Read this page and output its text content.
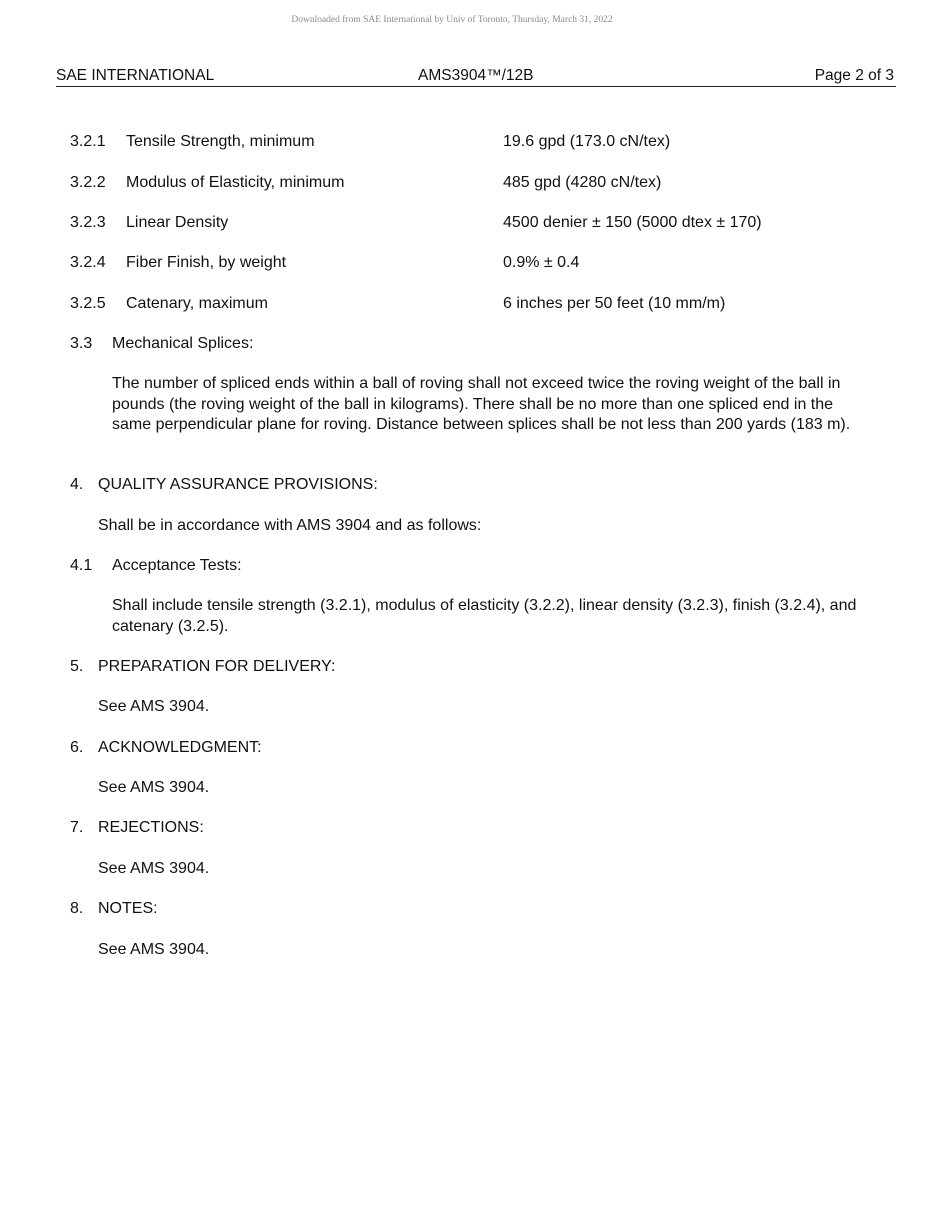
Downloaded from SAE International by Univ of Toronto, Thursday, March 31, 2022
SAE INTERNATIONAL	AMS3904™/12B	Page 2 of 3
3.2.1 Tensile Strength, minimum	19.6 gpd (173.0 cN/tex)
3.2.2 Modulus of Elasticity, minimum	485 gpd (4280 cN/tex)
3.2.3 Linear Density	4500 denier ± 150 (5000 dtex ± 170)
3.2.4 Fiber Finish, by weight	0.9% ± 0.4
3.2.5 Catenary, maximum	6 inches per 50 feet (10 mm/m)
3.3 Mechanical Splices:
The number of spliced ends within a ball of roving shall not exceed twice the roving weight of the ball in pounds (the roving weight of the ball in kilograms). There shall be no more than one spliced end in the same perpendicular plane for roving. Distance between splices shall be not less than 200 yards (183 m).
4. QUALITY ASSURANCE PROVISIONS:
Shall be in accordance with AMS 3904 and as follows:
4.1 Acceptance Tests:
Shall include tensile strength (3.2.1), modulus of elasticity (3.2.2), linear density (3.2.3), finish (3.2.4), and catenary (3.2.5).
5. PREPARATION FOR DELIVERY:
See AMS 3904.
6. ACKNOWLEDGMENT:
See AMS 3904.
7. REJECTIONS:
See AMS 3904.
8. NOTES:
See AMS 3904.
